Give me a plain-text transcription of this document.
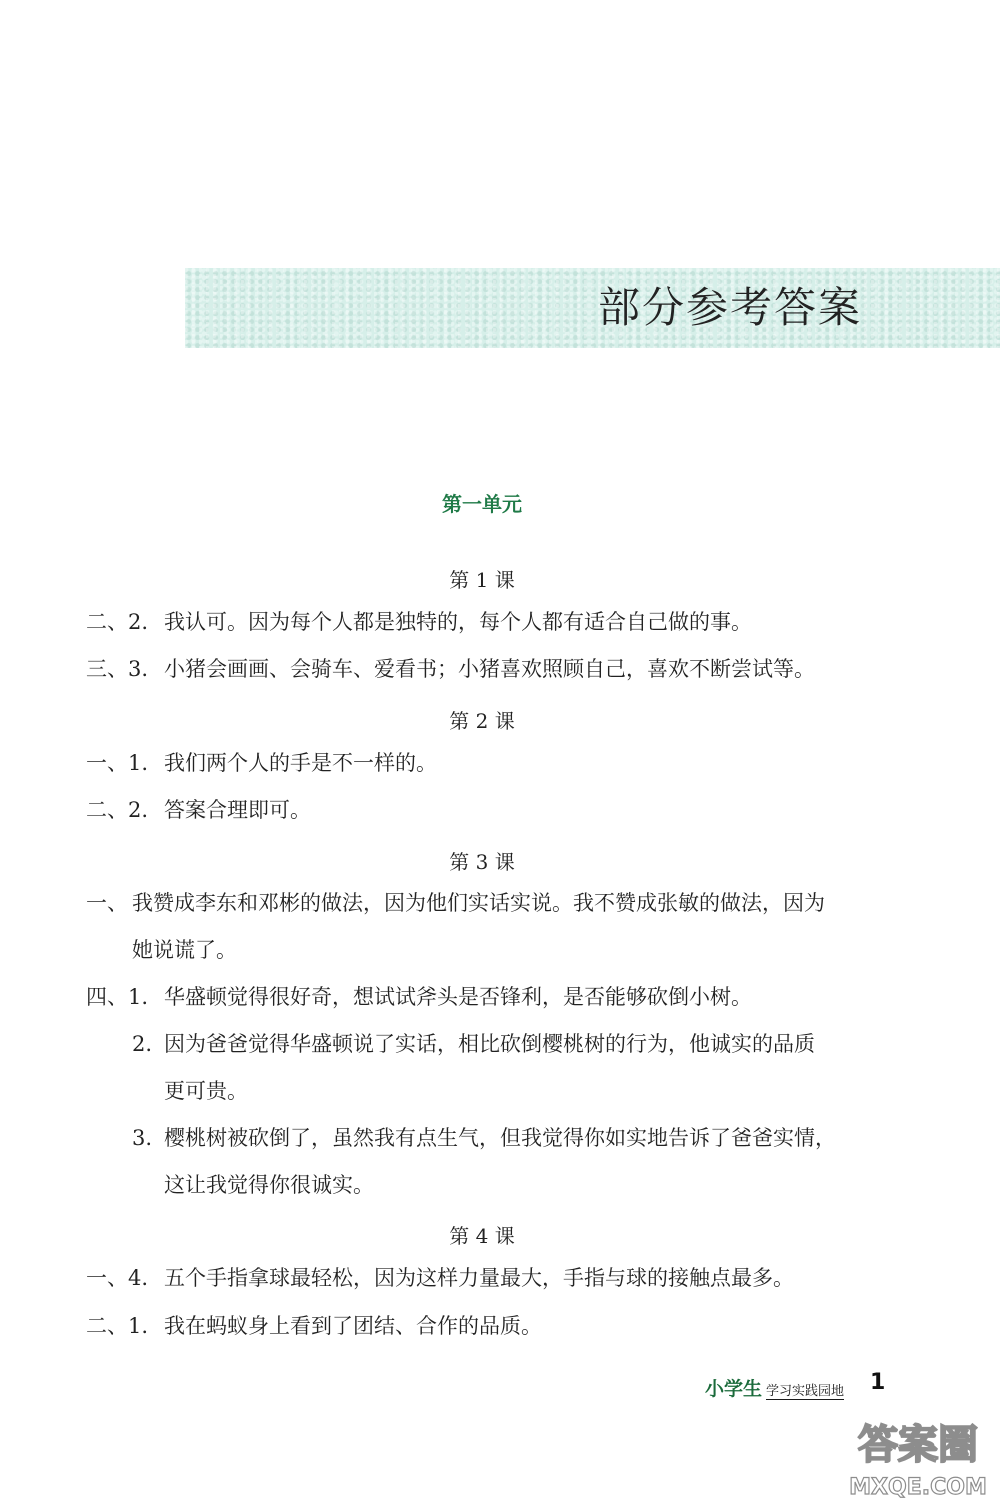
部分参考答案
第一单元
第 1 课
二、2. 我认可。因为每个人都是独特的，每个人都有适合自己做的事。
三、3. 小猪会画画、会骑车、爱看书；小猪喜欢照顾自己，喜欢不断尝试等。
第 2 课
一、1. 我们两个人的手是不一样的。
二、2. 答案合理即可。
第 3 课
一、 我赞成李东和邓彬的做法，因为他们实话实说。我不赞成张敏的做法，因为
她说谎了。
四、1. 华盛顿觉得很好奇，想试试斧头是否锋利，是否能够砍倒小树。
2. 因为爸爸觉得华盛顿说了实话，相比砍倒樱桃树的行为，他诚实的品质
更可贵。
3. 樱桃树被砍倒了，虽然我有点生气，但我觉得你如实地告诉了爸爸实情，
这让我觉得你很诚实。
第 4 课
一、4. 五个手指拿球最轻松，因为这样力量最大，手指与球的接触点最多。
二、1. 我在蚂蚁身上看到了团结、合作的品质。
小学生 学习实践园地 1
答案圈
MXQE.COM
